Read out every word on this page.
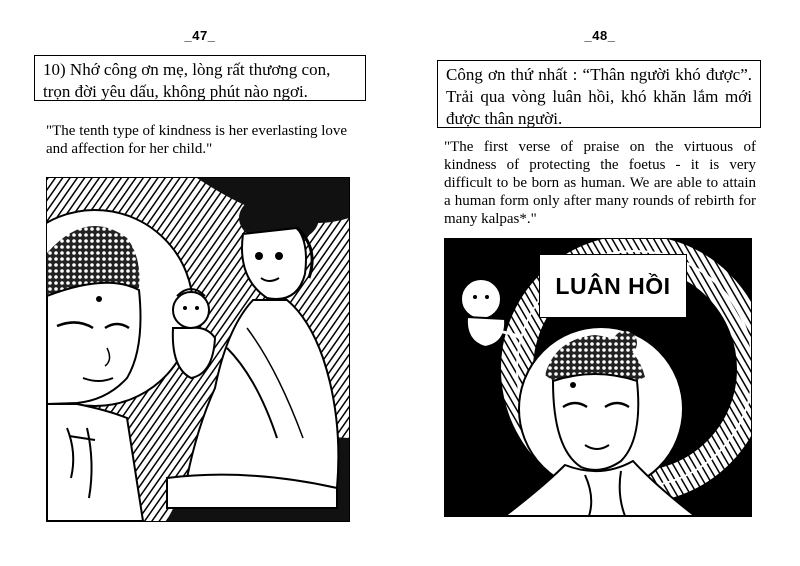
_47_
10) Nhớ công ơn mẹ, lòng rất thương con, trọn đời yêu dấu, không phút nào ngơi.
"The tenth type of kindness is her everlasting love and affection for her child."
_48_
Công ơn thứ nhất : “Thân người khó được”. Trải qua vòng luân hồi, khó khăn lắm mới được thân người.
"The first verse of praise on the virtuous of kindness of protecting the foetus - it is very difficult to be born as human. We are able to attain a human form only after many rounds of rebirth for many kalpas*."
LUÂN HỒI
